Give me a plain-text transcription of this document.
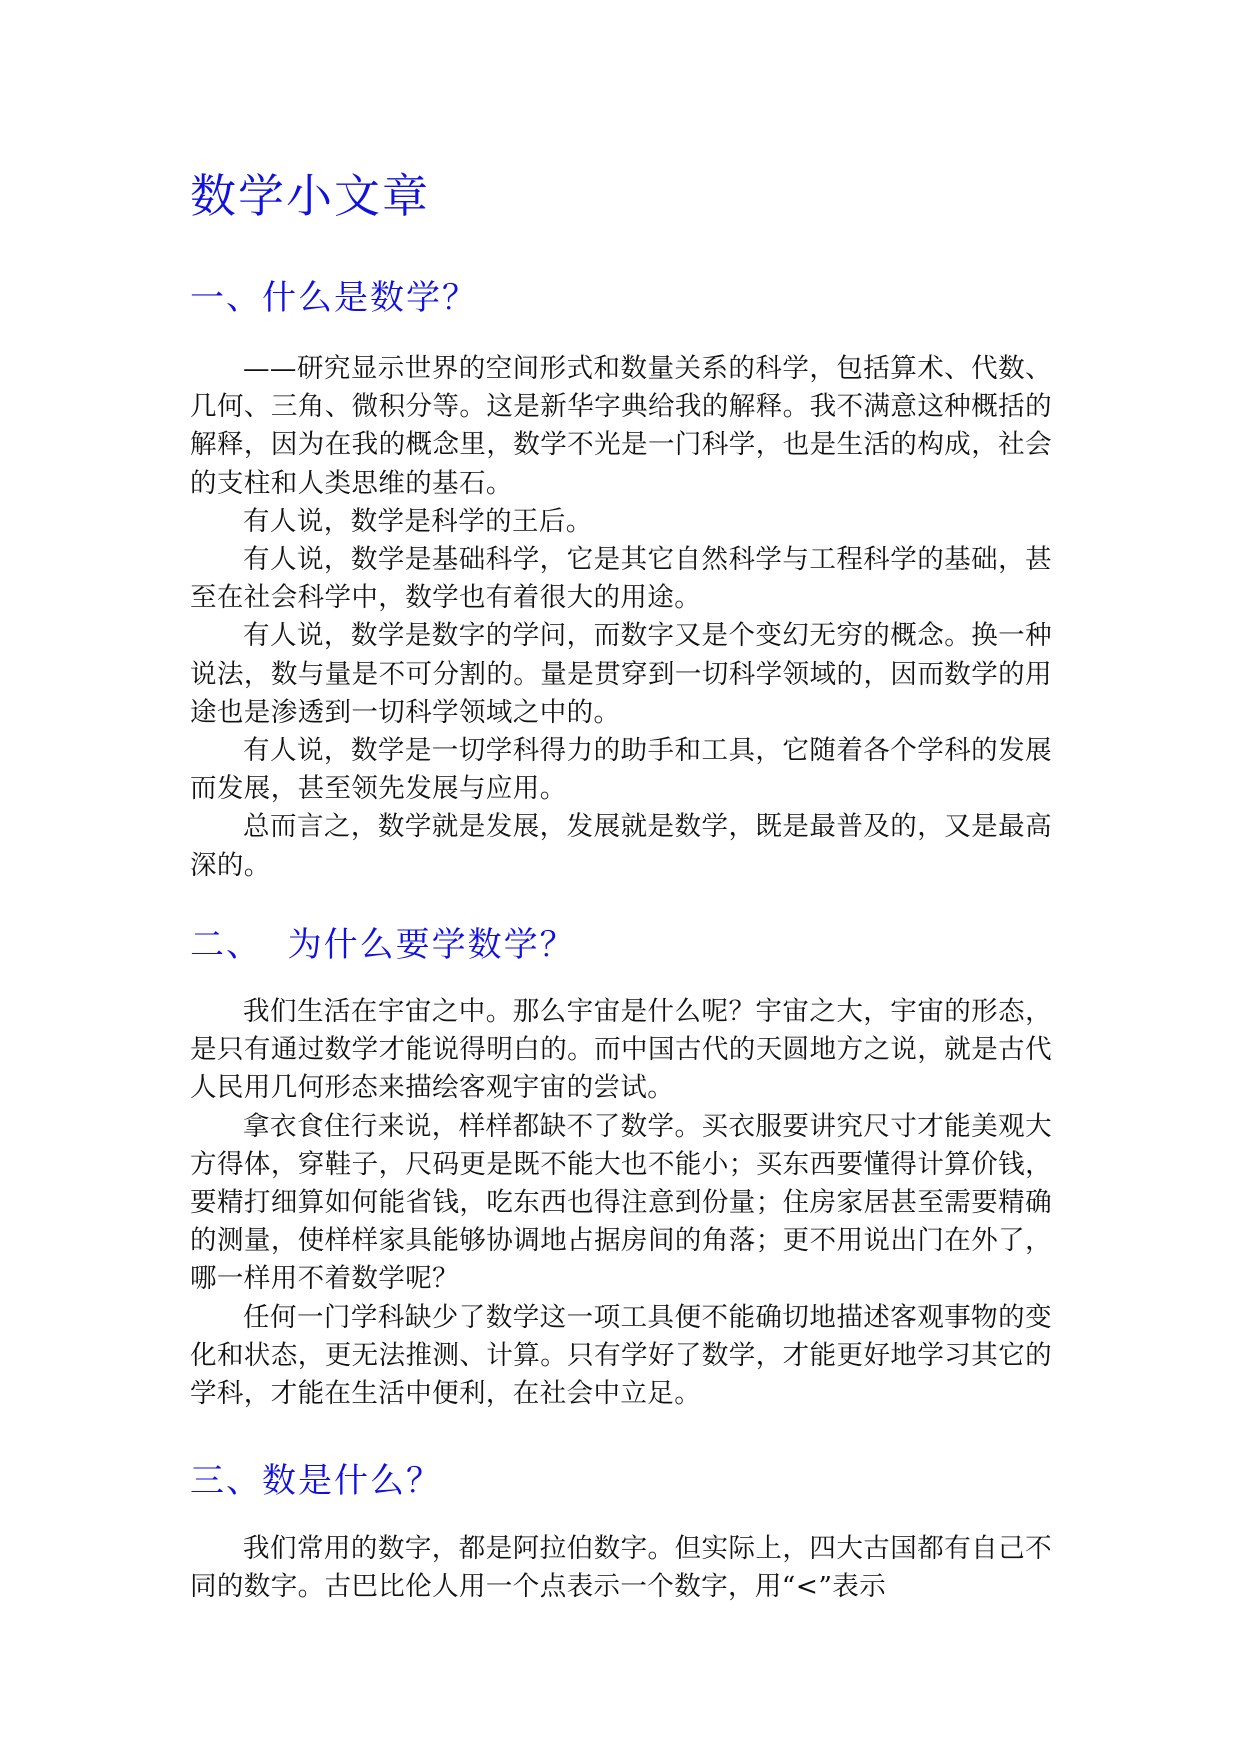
数学小文章
一、什么是数学？

——研究显示世界的空间形式和数量关系的科学，包括算术、代数、几何、三角、微积分等。这是新华字典给我的解释。我不满意这种概括的解释，因为在我的概念里，数学不光是一门科学，也是生活的构成，社会的支柱和人类思维的基石。

有人说，数学是科学的王后。

有人说，数学是基础科学，它是其它自然科学与工程科学的基础，甚至在社会科学中，数学也有着很大的用途。

有人说，数学是数字的学问，而数字又是个变幻无穷的概念。换一种说法，数与量是不可分割的。量是贯穿到一切科学领域的，因而数学的用途也是渗透到一切科学领域之中的。

有人说，数学是一切学科得力的助手和工具，它随着各个学科的发展而发展，甚至领先发展与应用。

总而言之，数学就是发展，发展就是数学，既是最普及的，又是最高深的。

二、  为什么要学数学？

我们生活在宇宙之中。那么宇宙是什么呢？宇宙之大，宇宙的形态，是只有通过数学才能说得明白的。而中国古代的天圆地方之说，就是古代人民用几何形态来描绘客观宇宙的尝试。

拿衣食住行来说，样样都缺不了数学。买衣服要讲究尺寸才能美观大方得体，穿鞋子，尺码更是既不能大也不能小；买东西要懂得计算价钱，要精打细算如何能省钱，吃东西也得注意到份量；住房家居甚至需要精确的测量，使样样家具能够协调地占据房间的角落；更不用说出门在外了，哪一样用不着数学呢？

任何一门学科缺少了数学这一项工具便不能确切地描述客观事物的变化和状态，更无法推测、计算。只有学好了数学，才能更好地学习其它的学科，才能在生活中便利，在社会中立足。

三、数是什么？

我们常用的数字，都是阿拉伯数字。但实际上，四大古国都有自己不同的数字。古巴比伦人用一个点表示一个数字，用“<”表示
